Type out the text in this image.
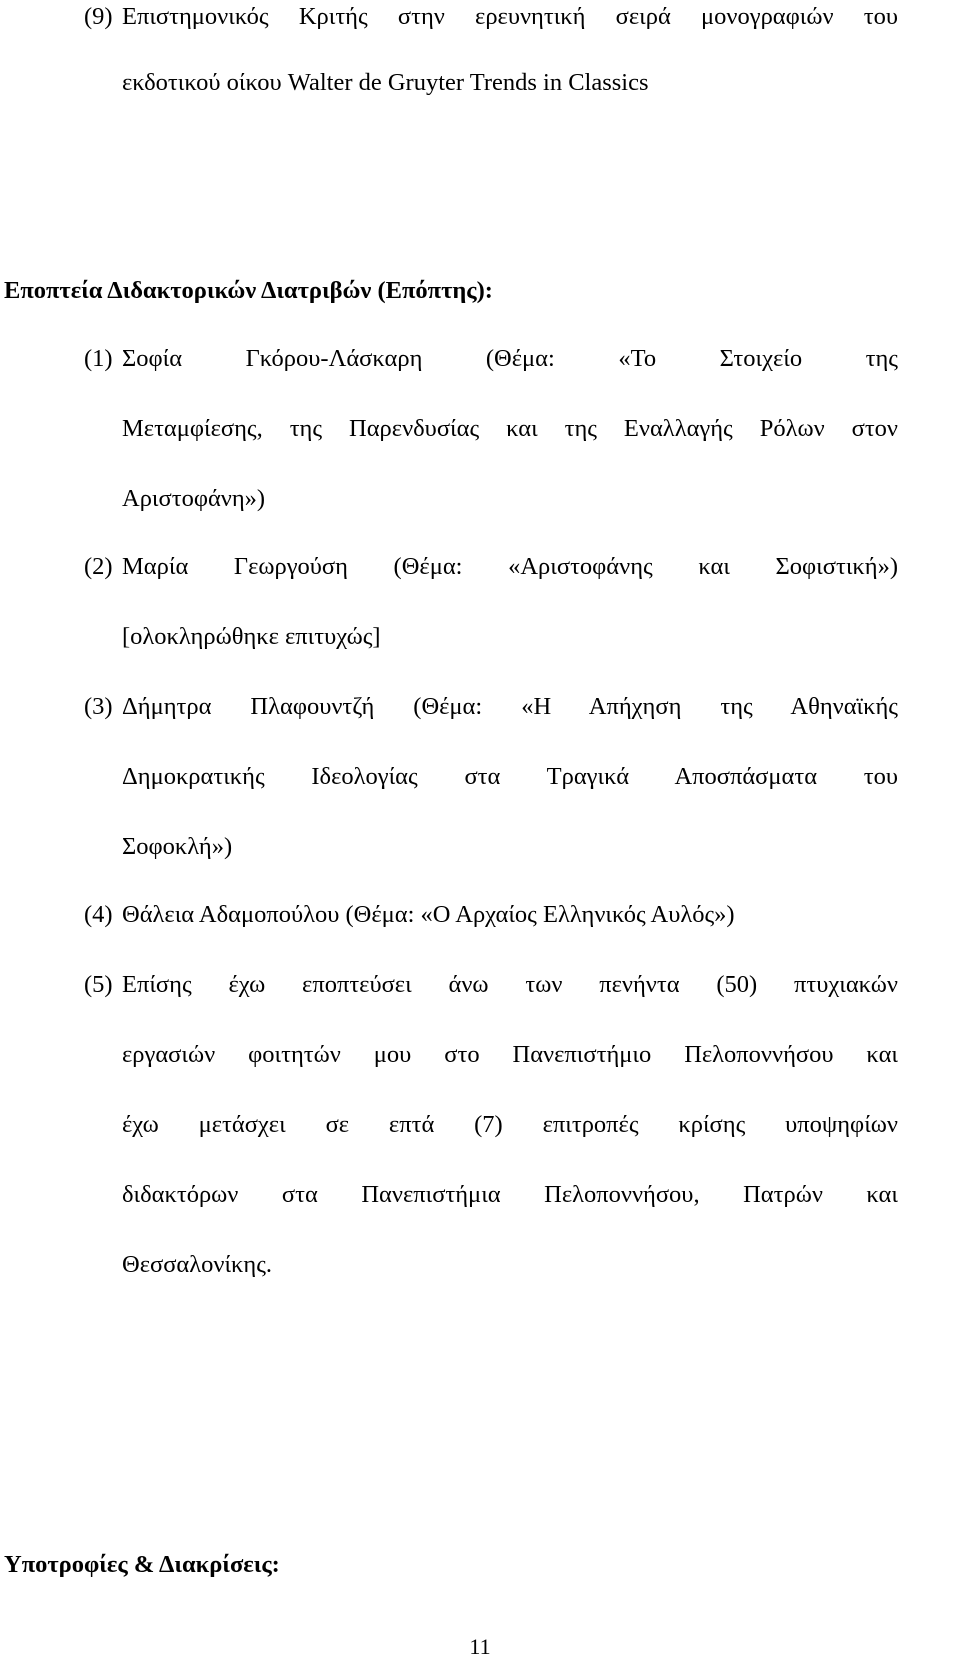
(9) Επιστημονικός Κριτής στην ερευνητική σειρά μονογραφιών του
εκδοτικού οίκου Walter de Gruyter Trends in Classics
Εποπτεία Διδακτορικών Διατριβών (Επόπτης):
(1) Σοφία Γκόρου-Λάσκαρη (Θέμα: «Το Στοιχείο της
Μεταμφίεσης, της Παρενδυσίας και της Εναλλαγής Ρόλων στον
Αριστοφάνη»)
(2) Μαρία Γεωργούση (Θέμα: «Αριστοφάνης και Σοφιστική»)
[ολοκληρώθηκε επιτυχώς]
(3) Δήμητρα Πλαφουντζή (Θέμα: «Η Απήχηση της Αθηναϊκής
Δημοκρατικής Ιδεολογίας στα Τραγικά Αποσπάσματα του
Σοφοκλή»)
(4) Θάλεια Αδαμοπούλου (Θέμα: «Ο Αρχαίος Ελληνικός Αυλός»)
(5) Επίσης έχω εποπτεύσει άνω των πενήντα (50) πτυχιακών
εργασιών φοιτητών μου στο Πανεπιστήμιο Πελοποννήσου και
έχω μετάσχει σε επτά (7) επιτροπές κρίσης υποψηφίων
διδακτόρων στα Πανεπιστήμια Πελοποννήσου, Πατρών και
Θεσσαλονίκης.
Υποτροφίες & Διακρίσεις:
11
